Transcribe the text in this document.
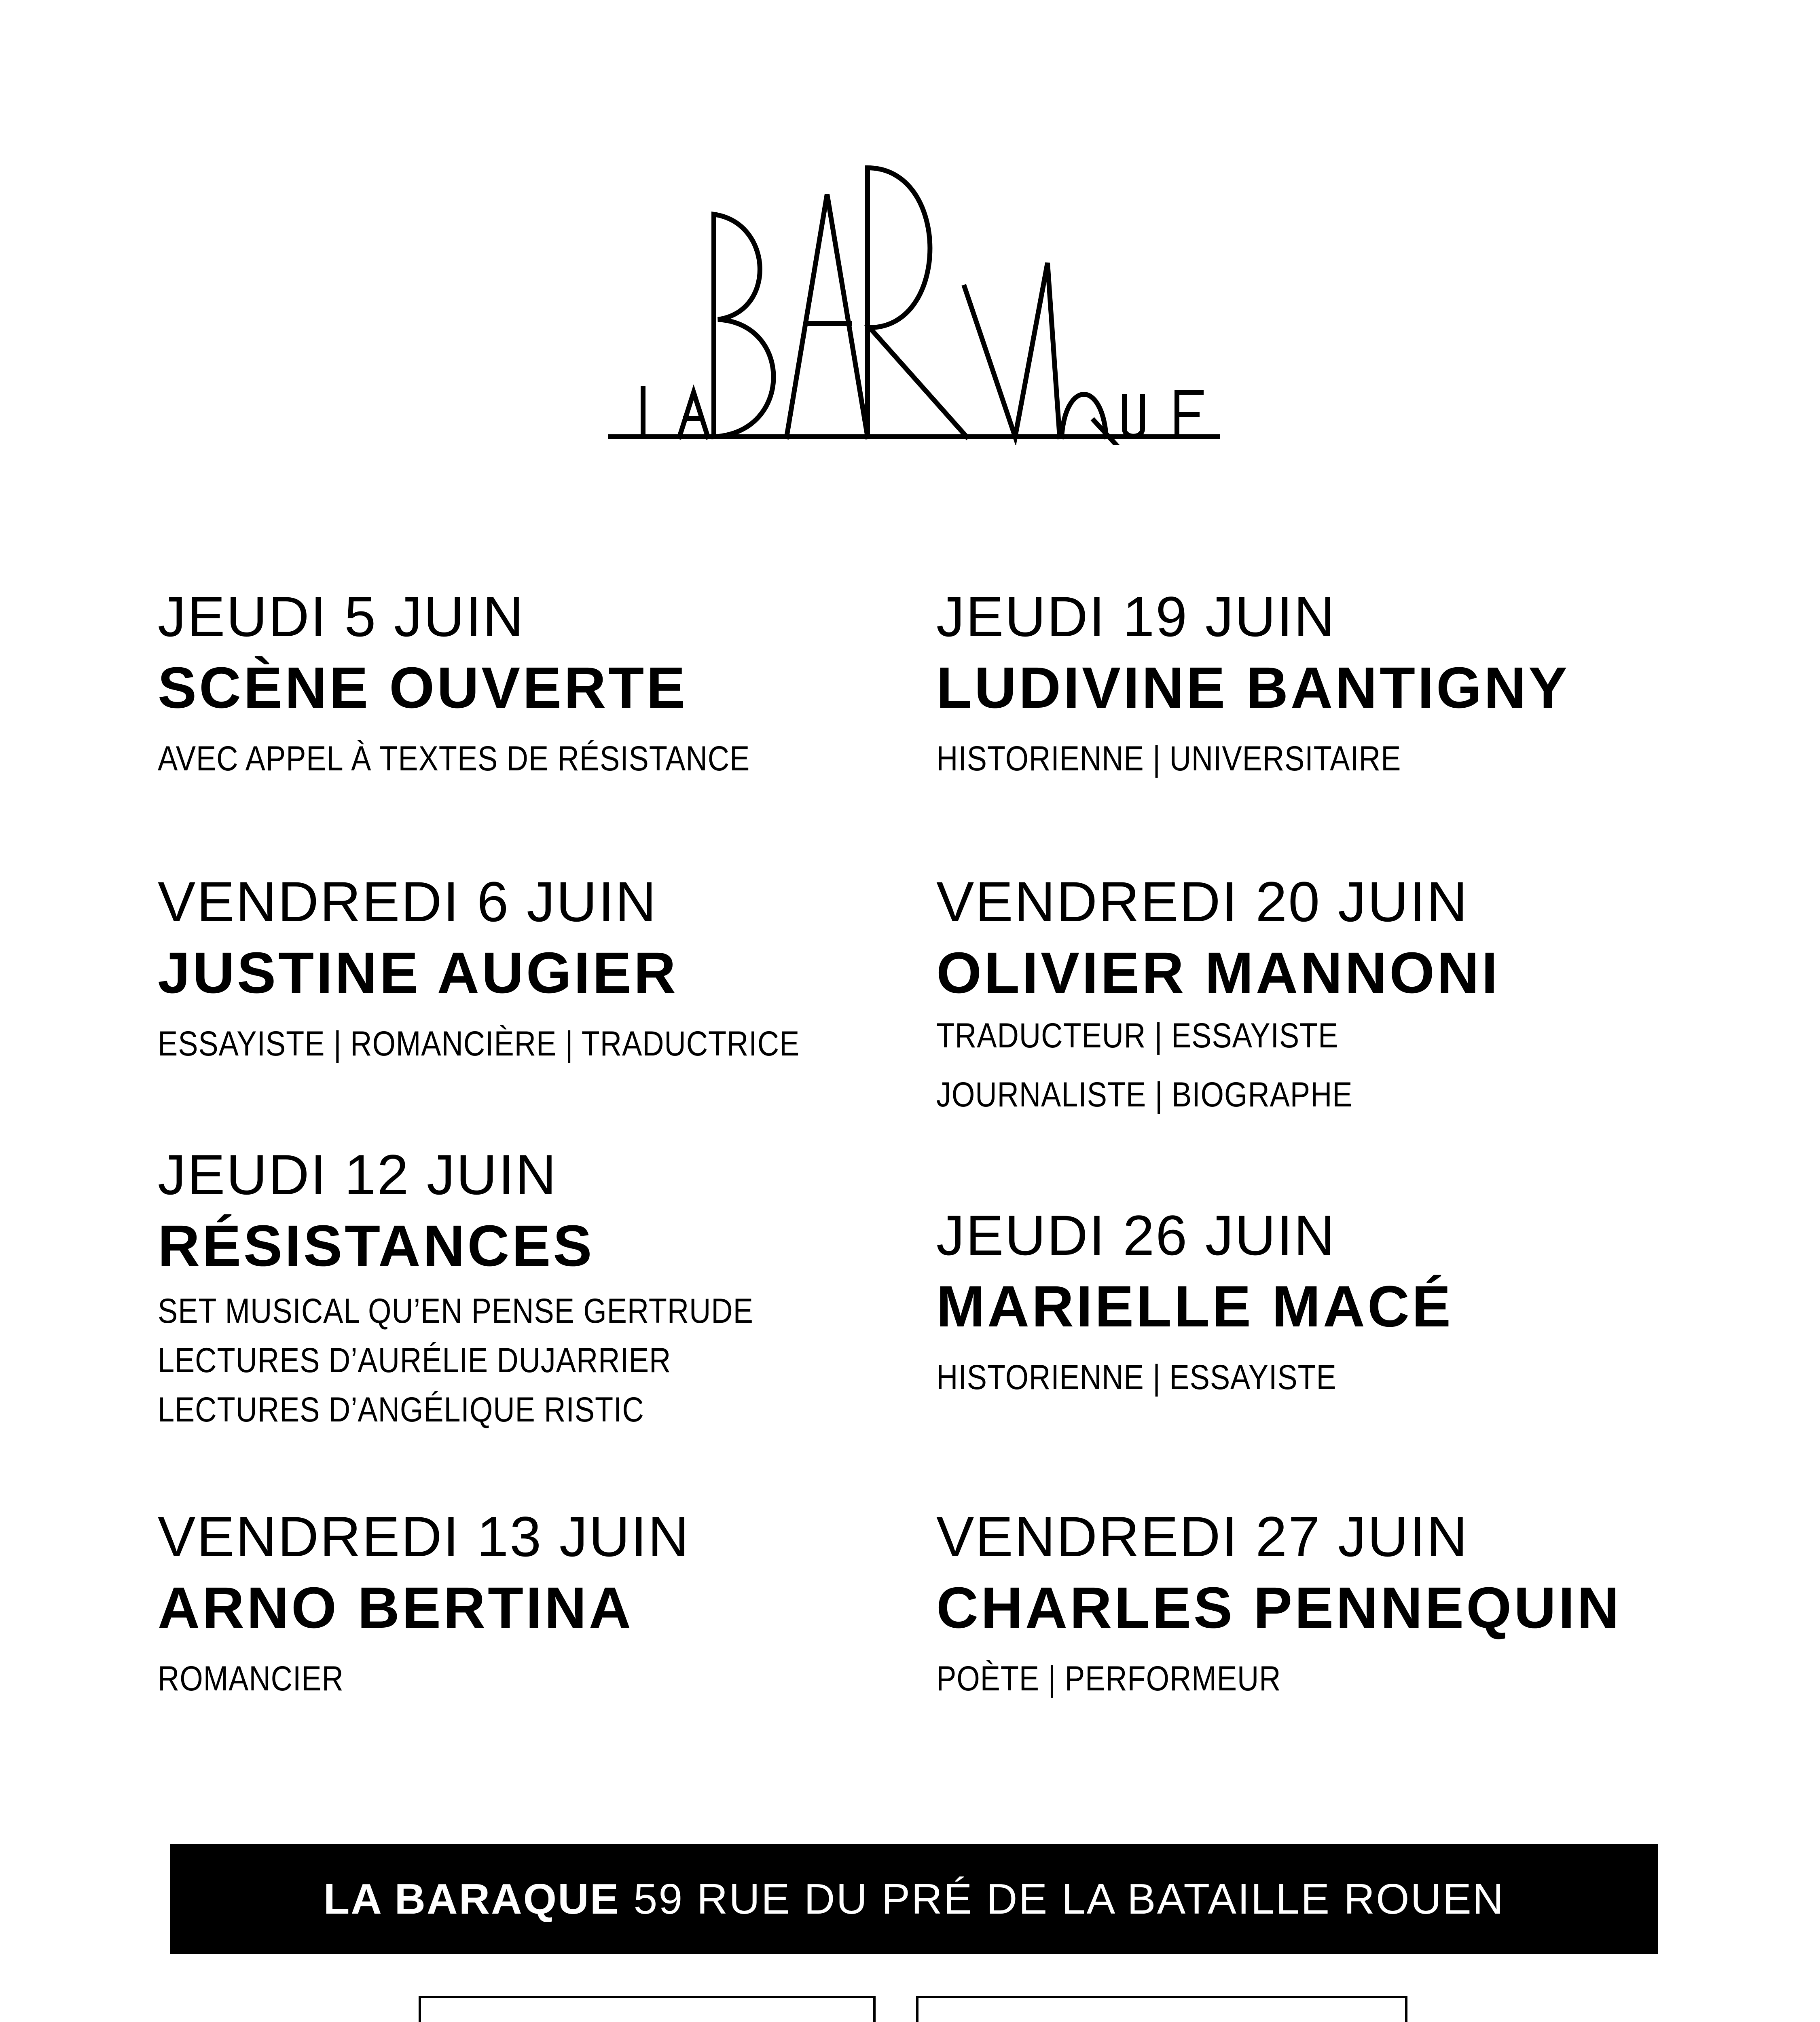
JEUDI 5 JUIN
SCÈNE OUVERTE
AVEC APPEL À TEXTES DE RÉSISTANCE
VENDREDI 6 JUIN
JUSTINE AUGIER
ESSAYISTE | ROMANCIÈRE | TRADUCTRICE
JEUDI 12 JUIN
RÉSISTANCES
SET MUSICAL QU’EN PENSE GERTRUDE
LECTURES D’AURÉLIE DUJARRIER
LECTURES D’ANGÉLIQUE RISTIC
VENDREDI 13 JUIN
ARNO BERTINA
ROMANCIER
JEUDI 19 JUIN
LUDIVINE BANTIGNY
HISTORIENNE | UNIVERSITAIRE
VENDREDI 20 JUIN
OLIVIER MANNONI
TRADUCTEUR | ESSAYISTE
JOURNALISTE | BIOGRAPHE
JEUDI 26 JUIN
MARIELLE MACÉ
HISTORIENNE | ESSAYISTE
VENDREDI 27 JUIN
CHARLES PENNEQUIN
POÈTE | PERFORMEUR
LA BARAQUE 59 RUE DU PRÉ DE LA BATAILLE ROUEN
